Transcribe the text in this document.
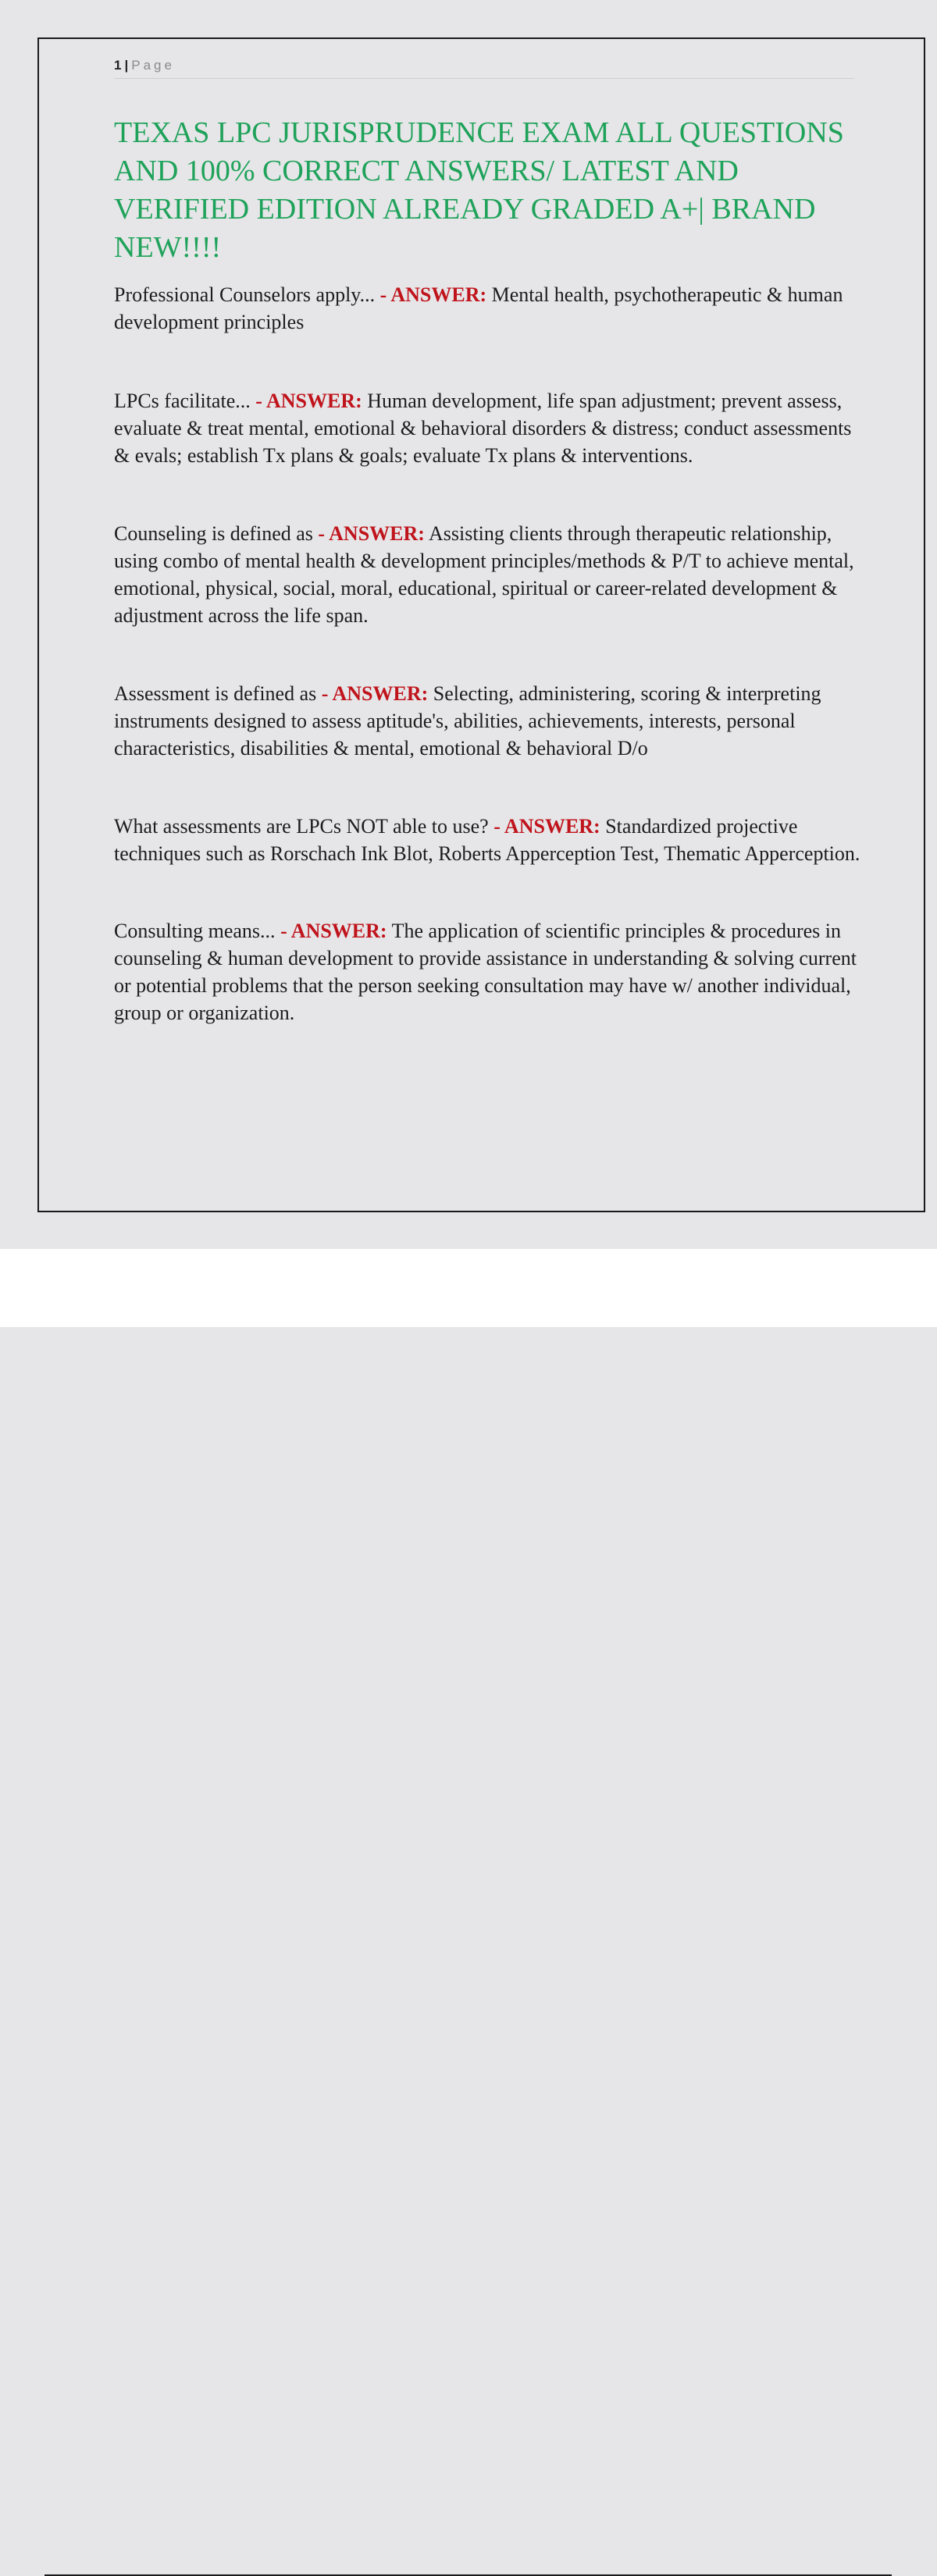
1 | Page
TEXAS LPC JURISPRUDENCE EXAM ALL QUESTIONS AND 100% CORRECT ANSWERS/ LATEST AND VERIFIED EDITION ALREADY GRADED A+| BRAND NEW!!!!

Professional Counselors apply... - ANSWER: Mental health, psychotherapeutic & human development principles

LPCs facilitate... - ANSWER: Human development, life span adjustment; prevent assess, evaluate & treat mental, emotional & behavioral disorders & distress; conduct assessments & evals; establish Tx plans & goals; evaluate Tx plans & interventions.

Counseling is defined as - ANSWER: Assisting clients through therapeutic relationship, using combo of mental health & development principles/methods & P/T to achieve mental, emotional, physical, social, moral, educational, spiritual or career-related development & adjustment across the life span.

Assessment is defined as - ANSWER: Selecting, administering, scoring & interpreting instruments designed to assess aptitude's, abilities, achievements, interests, personal characteristics, disabilities & mental, emotional & behavioral D/o

What assessments are LPCs NOT able to use? - ANSWER: Standardized projective techniques such as Rorschach Ink Blot, Roberts Apperception Test, Thematic Apperception.

Consulting means... - ANSWER: The application of scientific principles & procedures in counseling & human development to provide assistance in understanding & solving current or potential problems that the person seeking consultation may have w/ another individual, group or organization.
